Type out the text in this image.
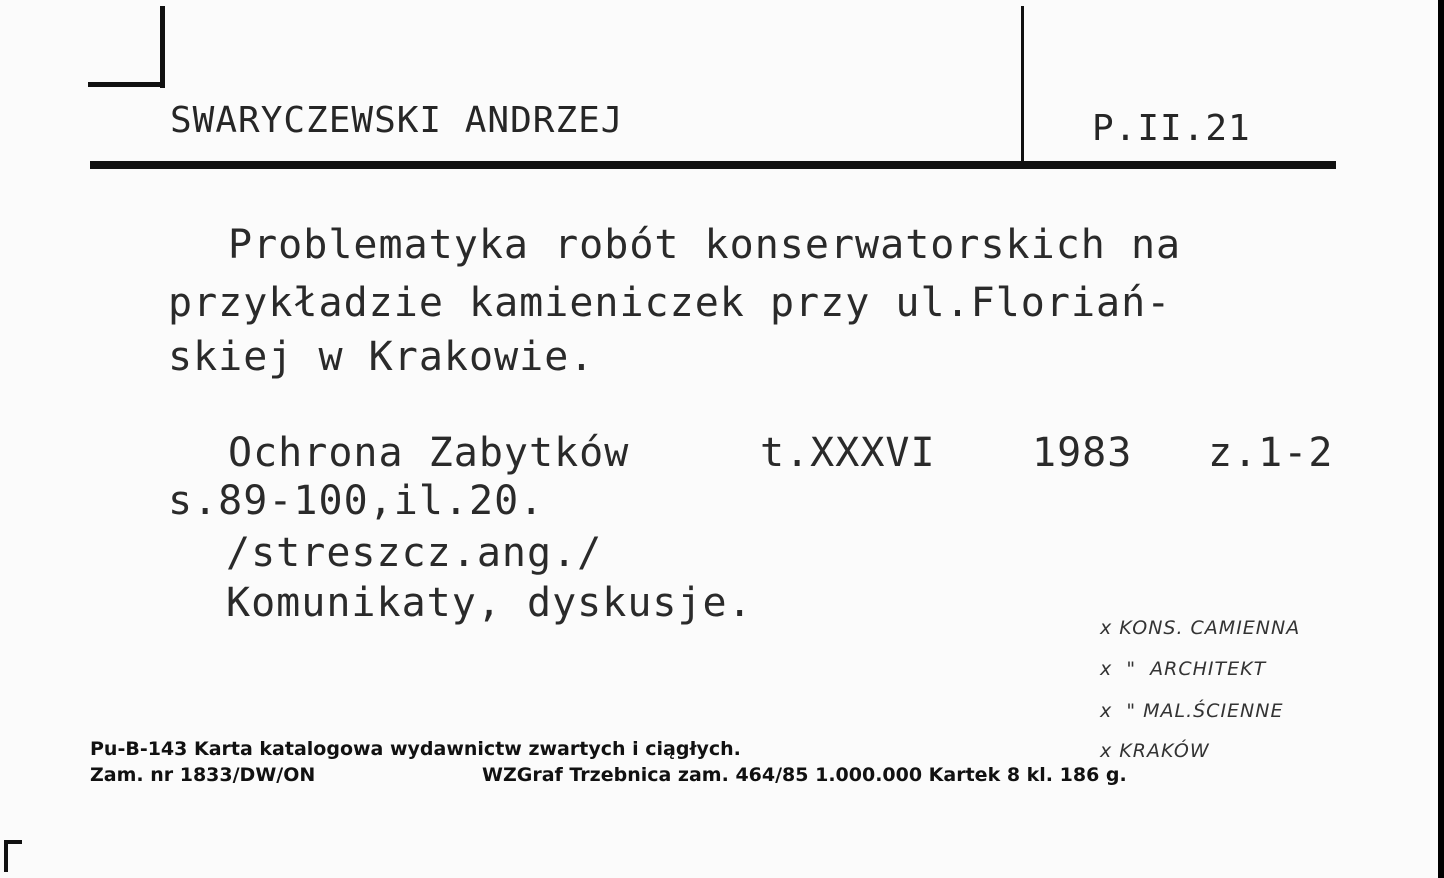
SWARYCZEWSKI ANDRZEJ	P.II.21
Problematyka robót konserwatorskich na
przykładzie kamieniczek przy ul.Floriań-
skiej w Krakowie.
Ochrona Zabytków	t.XXXVI 1983 z.1-2
s.89-100,il.20.
/streszcz.ang./
Komunikaty, dyskusje.
x KONS. CAMIENNA
x  "  ARCHITEKT
x  " MAL.ŚCIENNE
x KRAKÓW
Pu-B-143 Karta katalogowa wydawnictw zwartych i ciągłych.
Zam. nr 1833/DW/ON	WZGraf Trzebnica zam. 464/85 1.000.000 Kartek 8 kl. 186 g.
